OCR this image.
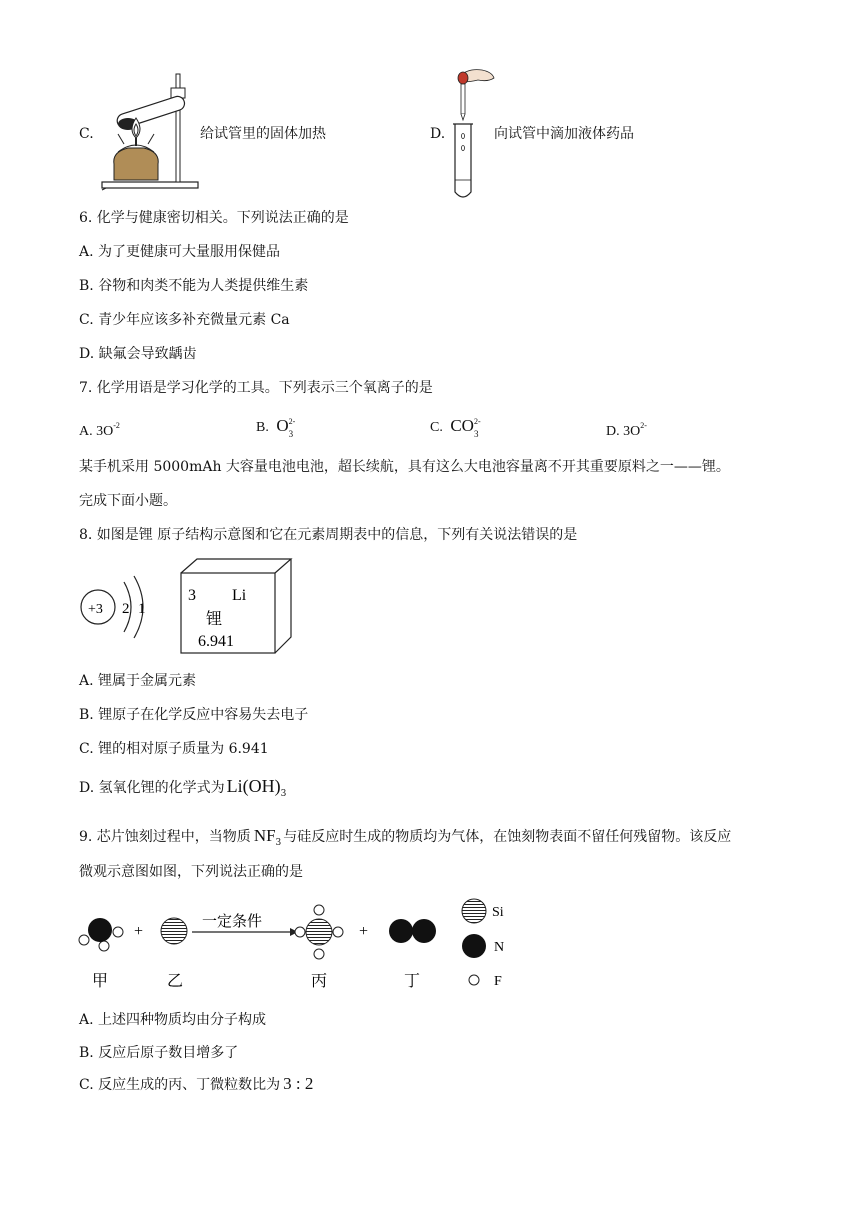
C.	给试管里的固体加热	D.	向试管中滴加液体药品
6. 化学与健康密切相关。下列说法正确的是
A. 为了更健康可大量服用保健品
B. 谷物和肉类不能为人类提供维生素
C. 青少年应该多补充微量元素 Ca
D. 缺氟会导致龋齿
7. 化学用语是学习化学的工具。下列表示三个氧离子的是
A. $3O^{-2}$	B. O 2-
3	C. CO 2-
3	D. $3O^{2-}$
某手机采用 5000mAh 大容量电池电池，超长续航，具有这么大电池容量离不开其重要原料之一——锂。
完成下面小题。
8. 如图是锂 原子结构示意图和它在元素周期表中的信息，下列有关说法错误的是
+3 2 1
3 Li
锂
6.941
A. 锂属于金属元素
B. 锂原子在化学反应中容易失去电子
C. 锂的相对原子质量为 6.941
D. 氢氧化锂的化学式为 $Li(OH)_3$
9. 芯片蚀刻过程中，当物质 $NF_3$ 与硅反应时生成的物质均为气体，在蚀刻物表面不留任何残留物。该反应
微观示意图如图，下列说法正确的是
+
一定条件
+
甲	乙	丙	丁
Si
N
F
A. 上述四种物质均由分子构成
B. 反应后原子数目增多了
C. 反应生成的丙、丁微粒数比为 3 : 2
